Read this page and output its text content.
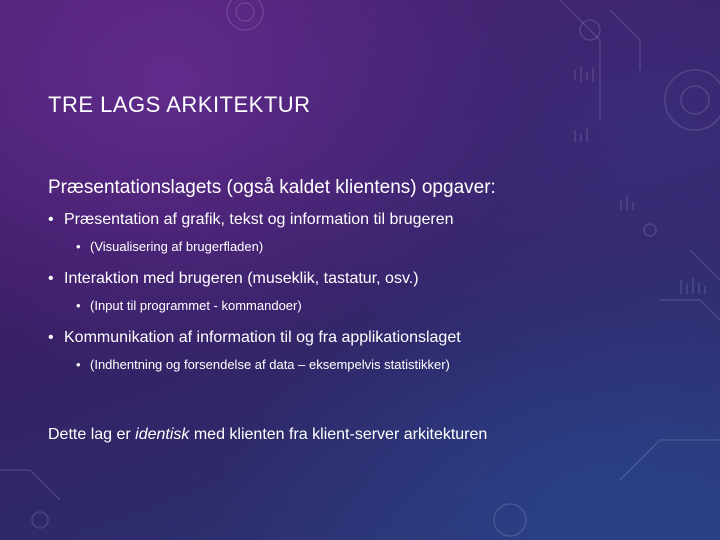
TRE LAGS ARKITEKTUR

Præsentationslagets (også kaldet klientens) opgaver:

• Præsentation af grafik, tekst og information til brugeren
• (Visualisering af brugerfladen)
• Interaktion med brugeren (museklik, tastatur, osv.)
• (Input til programmet - kommandoer)
• Kommunikation af information til og fra applikationslaget
• (Indhentning og forsendelse af data – eksempelvis statistikker)

Dette lag er identisk med klienten fra klient-server arkitekturen
